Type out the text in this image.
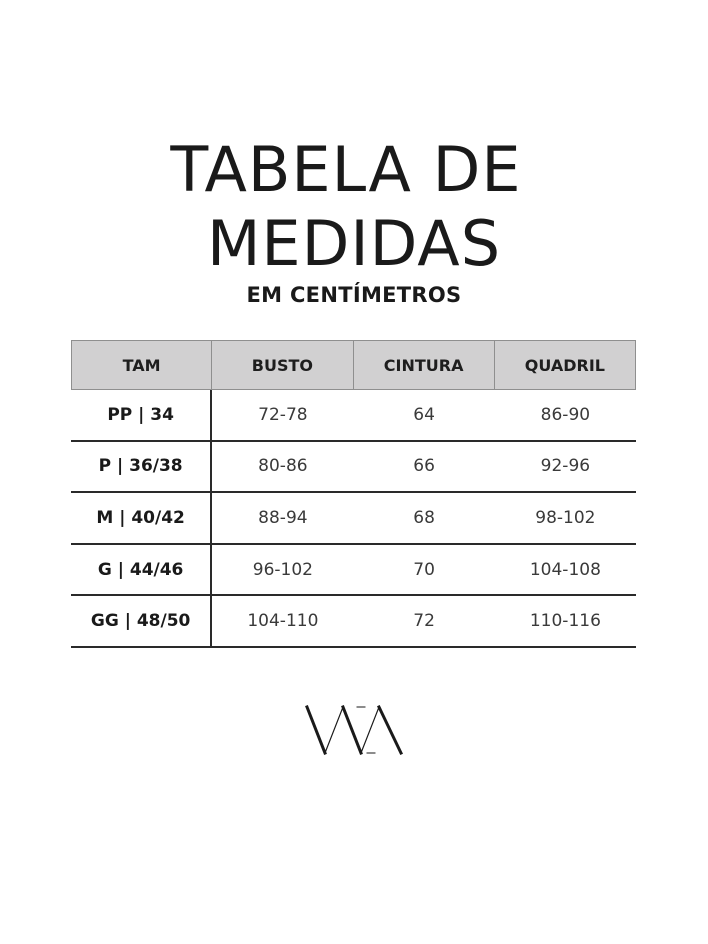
TABELA DE
MEDIDAS
EM CENTÍMETROS
TAM	BUSTO	CINTURA	QUADRIL
PP | 34	72-78	64	86-90
P | 36/38	80-86	66	92-96
M | 40/42	88-94	68	98-102
G | 44/46	96-102	70	104-108
GG | 48/50	104-110	72	110-116
